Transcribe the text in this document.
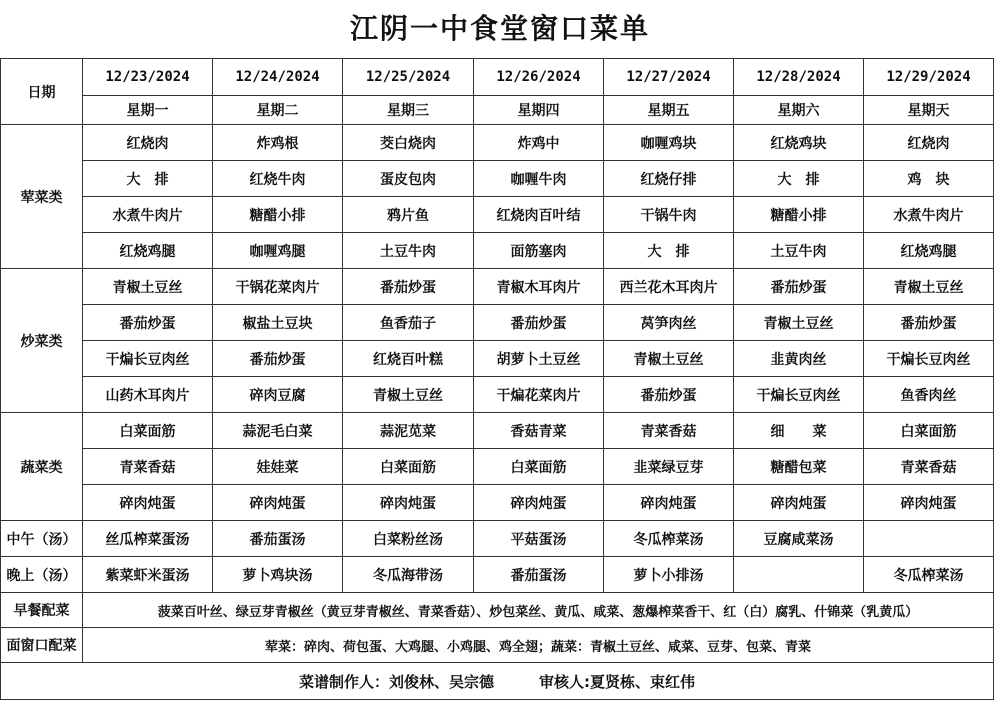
江阴一中食堂窗口菜单
日期	12/23/2024	12/24/2024	12/25/2024	12/26/2024	12/27/2024	12/28/2024	12/29/2024
	星期一	星期二	星期三	星期四	星期五	星期六	星期天
荤菜类	红烧肉	炸鸡根	茭白烧肉	炸鸡中	咖喱鸡块	红烧鸡块	红烧肉
	大　排	红烧牛肉	蛋皮包肉	咖喱牛肉	红烧仔排	大　排	鸡　块
	水煮牛肉片	糖醋小排	鸦片鱼	红烧肉百叶结	干锅牛肉	糖醋小排	水煮牛肉片
	红烧鸡腿	咖喱鸡腿	土豆牛肉	面筋塞肉	大　排	土豆牛肉	红烧鸡腿
炒菜类	青椒土豆丝	干锅花菜肉片	番茄炒蛋	青椒木耳肉片	西兰花木耳肉片	番茄炒蛋	青椒土豆丝
	番茄炒蛋	椒盐土豆块	鱼香茄子	番茄炒蛋	莴笋肉丝	青椒土豆丝	番茄炒蛋
	干煸长豆肉丝	番茄炒蛋	红烧百叶糕	胡萝卜土豆丝	青椒土豆丝	韭黄肉丝	干煸长豆肉丝
	山药木耳肉片	碎肉豆腐	青椒土豆丝	干煸花菜肉片	番茄炒蛋	干煸长豆肉丝	鱼香肉丝
蔬菜类	白菜面筋	蒜泥毛白菜	蒜泥苋菜	香菇青菜	青菜香菇	细　　菜	白菜面筋
	青菜香菇	娃娃菜	白菜面筋	白菜面筋	韭菜绿豆芽	糖醋包菜	青菜香菇
	碎肉炖蛋	碎肉炖蛋	碎肉炖蛋	碎肉炖蛋	碎肉炖蛋	碎肉炖蛋	碎肉炖蛋
中午（汤）	丝瓜榨菜蛋汤	番茄蛋汤	白菜粉丝汤	平菇蛋汤	冬瓜榨菜汤	豆腐咸菜汤	
晚上（汤）	紫菜虾米蛋汤	萝卜鸡块汤	冬瓜海带汤	番茄蛋汤	萝卜小排汤		冬瓜榨菜汤
早餐配菜	菠菜百叶丝、绿豆芽青椒丝（黄豆芽青椒丝、青菜香菇）、炒包菜丝、黄瓜、咸菜、葱爆榨菜香干、红（白）腐乳、什锦菜（乳黄瓜）						
面窗口配菜	荤菜：碎肉、荷包蛋、大鸡腿、小鸡腿、鸡全翅；蔬菜：青椒土豆丝、咸菜、豆芽、包菜、青菜						
菜谱制作人：刘俊林、吴宗德　　　审核人:夏贤栋、束红伟							
